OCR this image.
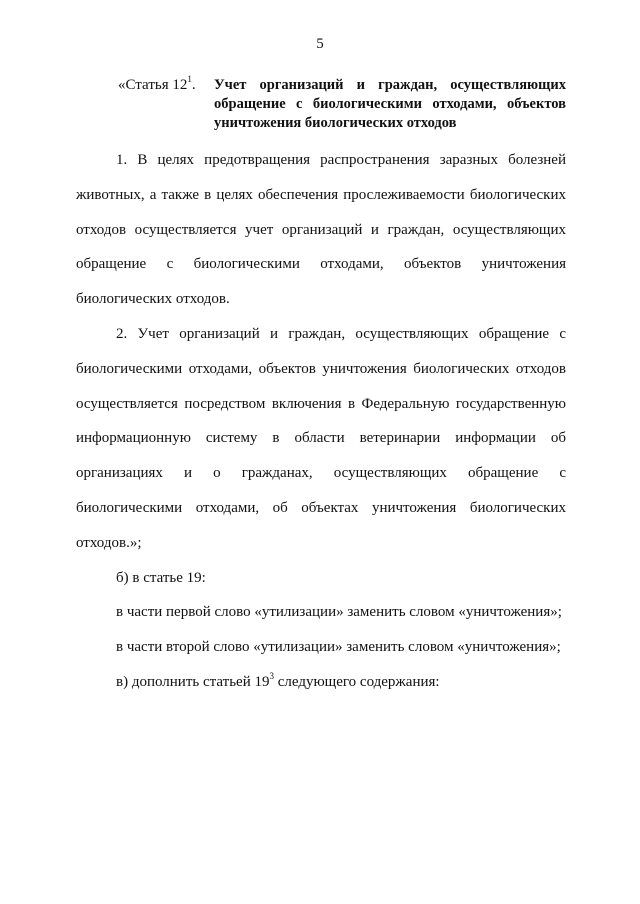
5
«Статья $12^1$. Учет организаций и граждан, осуществляющих обращение с биологическими отходами, объектов уничтожения биологических отходов

1. В целях предотвращения распространения заразных болезней животных, а также в целях обеспечения прослеживаемости биологических отходов осуществляется учет организаций и граждан, осуществляющих обращение с биологическими отходами, объектов уничтожения биологических отходов.

2. Учет организаций и граждан, осуществляющих обращение с биологическими отходами, объектов уничтожения биологических отходов осуществляется посредством включения в Федеральную государственную информационную систему в области ветеринарии информации об организациях и о гражданах, осуществляющих обращение с биологическими отходами, об объектах уничтожения биологических отходов.»;

б) в статье 19:

в части первой слово «утилизации» заменить словом «уничтожения»;

в части второй слово «утилизации» заменить словом «уничтожения»;

в) дополнить статьей $19^3$ следующего содержания:
